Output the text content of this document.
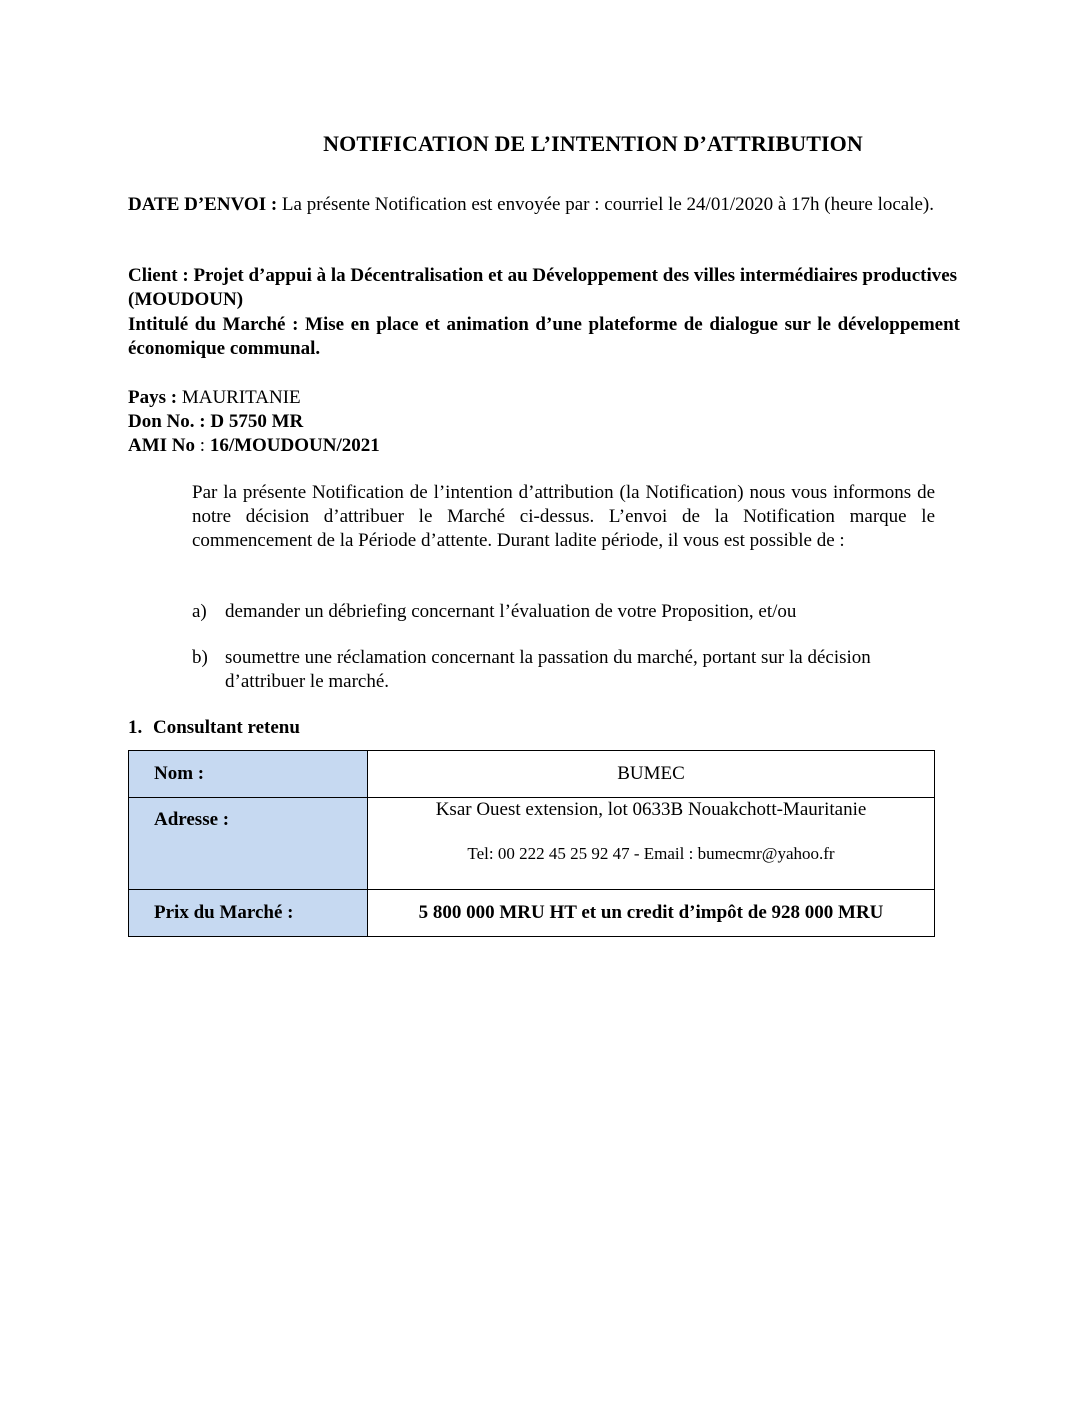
NOTIFICATION DE L’INTENTION D’ATTRIBUTION
DATE D’ENVOI : La présente Notification est envoyée par : courriel le 24/01/2020 à 17h (heure locale).
Client : Projet d’appui à la Décentralisation et au Développement des villes intermédiaires productives (MOUDOUN)
Intitulé du Marché : Mise en place et animation d’une plateforme de dialogue sur le développement économique communal.
Pays : MAURITANIE
Don No. : D 5750 MR
AMI No : 16/MOUDOUN/2021
Par la présente Notification de l’intention d’attribution (la Notification) nous vous informons de notre décision d’attribuer le Marché ci-dessus. L’envoi de la Notification marque le commencement de la Période d’attente. Durant ladite période, il vous est possible de :
a) demander un débriefing concernant l’évaluation de votre Proposition, et/ou
b) soumettre une réclamation concernant la passation du marché, portant sur la décision d’attribuer le marché.
1. Consultant retenu
Nom :	BUMEC

Adresse :	Ksar Ouest extension, lot 0633B Nouakchott-Mauritanie
Tel: 00 222 45 25 92 47 - Email : bumecmr@yahoo.fr

Prix du Marché :	5 800 000 MRU HT et un credit d’impôt de 928 000 MRU
